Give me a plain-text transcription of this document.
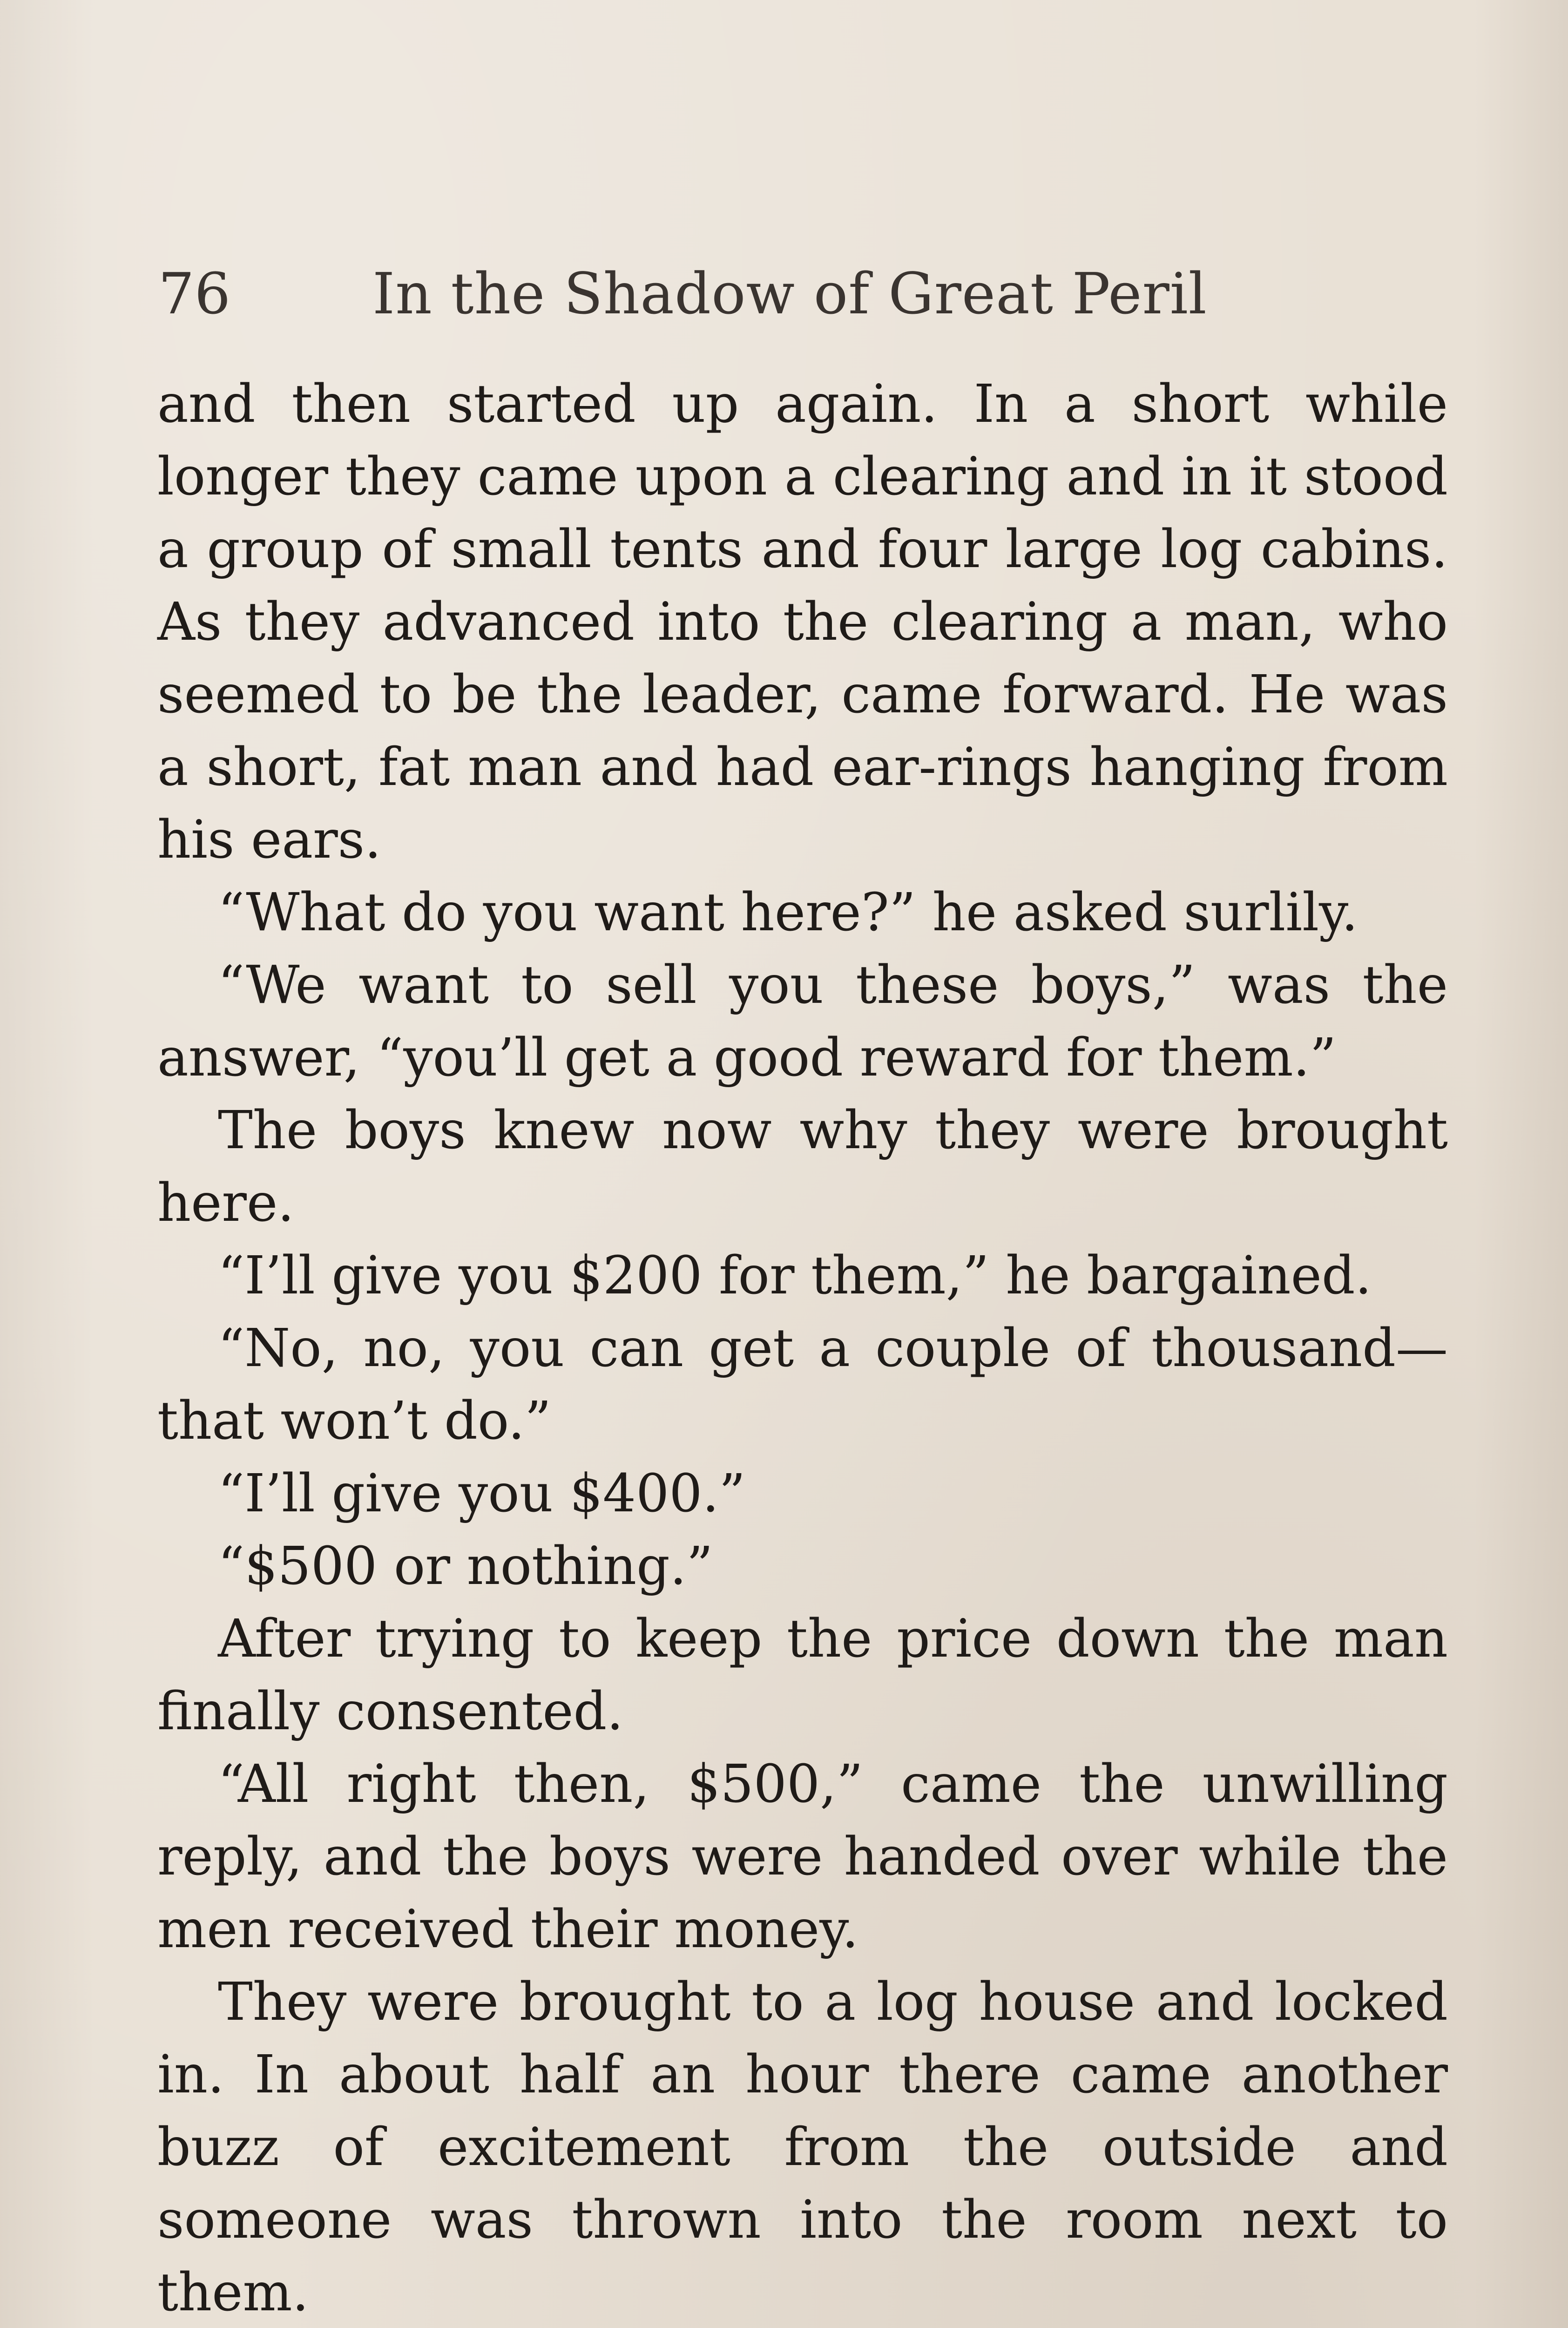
76 In the Shadow of Great Peril

and then started up again. In a short while longer they came upon a clearing and in it stood a group of small tents and four large log cabins. As they advanced into the clearing a man, who seemed to be the leader, came forward. He was a short, fat man and had ear-rings hanging from his ears.

“What do you want here?” he asked surlily.

“We want to sell you these boys,” was the answer, “you’ll get a good reward for them.”

The boys knew now why they were brought here.

“I’ll give you $200 for them,” he bargained.

“No, no, you can get a couple of thousand—that won’t do.”

“I’ll give you $400.”

“$500 or nothing.”

After trying to keep the price down the man finally consented.

“All right then, $500,” came the unwilling reply, and the boys were handed over while the men received their money.

They were brought to a log house and locked in. In about half an hour there came another buzz of excitement from the outside and someone was thrown into the room next to them.
